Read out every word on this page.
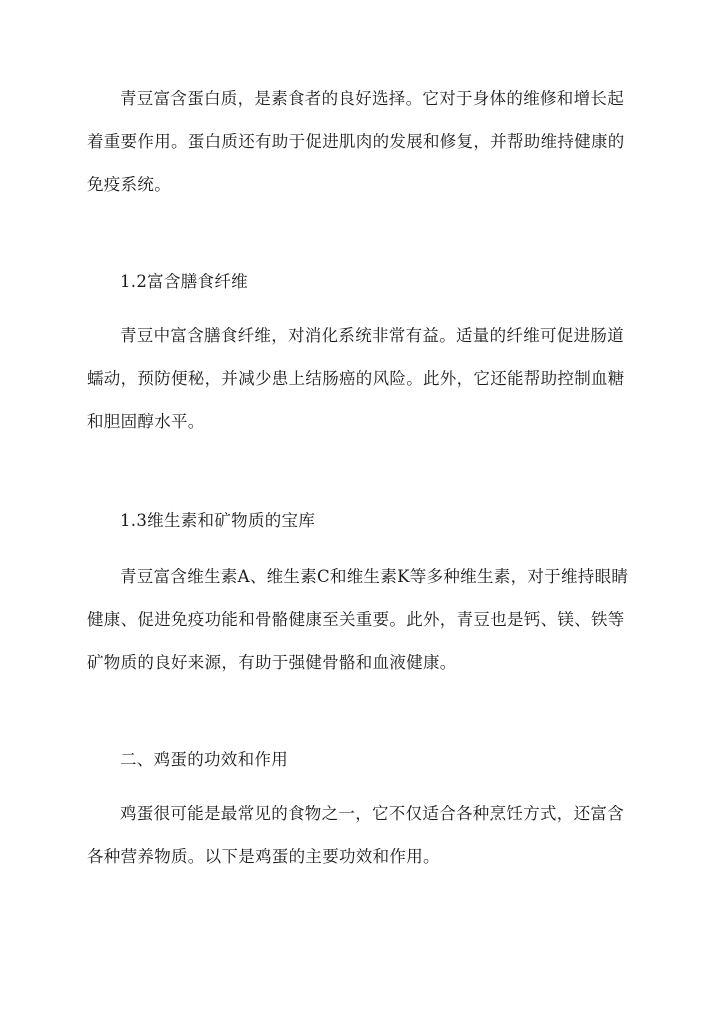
青豆富含蛋白质，是素食者的良好选择。它对于身体的维修和增长起
着重要作用。蛋白质还有助于促进肌肉的发展和修复，并帮助维持健康的
免疫系统。
1.2富含膳食纤维
青豆中富含膳食纤维，对消化系统非常有益。适量的纤维可促进肠道
蠕动，预防便秘，并减少患上结肠癌的风险。此外，它还能帮助控制血糖
和胆固醇水平。
1.3维生素和矿物质的宝库
青豆富含维生素A、维生素C和维生素K等多种维生素，对于维持眼睛
健康、促进免疫功能和骨骼健康至关重要。此外，青豆也是钙、镁、铁等
矿物质的良好来源，有助于强健骨骼和血液健康。
二、鸡蛋的功效和作用
鸡蛋很可能是最常见的食物之一，它不仅适合各种烹饪方式，还富含
各种营养物质。以下是鸡蛋的主要功效和作用。
